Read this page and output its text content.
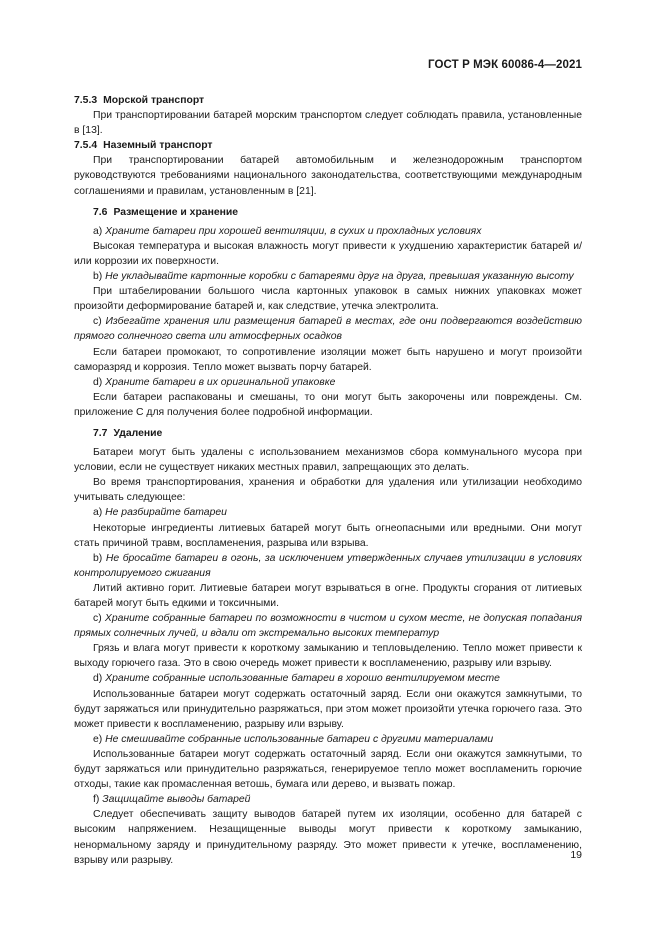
ГОСТ Р МЭК 60086-4—2021

7.5.3 Морской транспорт

При транспортировании батарей морским транспортом следует соблюдать правила, установленные в [13].

7.5.4 Наземный транспорт

При транспортировании батарей автомобильным и железнодорожным транспортом руководствуются требованиями национального законодательства, соответствующими международным соглашениями и правилам, установленным в [21].

7.6 Размещение и хранение

a) Храните батареи при хорошей вентиляции, в сухих и прохладных условиях

Высокая температура и высокая влажность могут привести к ухудшению характеристик батарей и/или коррозии их поверхности.

b) Не укладывайте картонные коробки с батареями друг на друга, превышая указанную высоту

При штабелировании большого числа картонных упаковок в самых нижних упаковках может произойти деформирование батарей и, как следствие, утечка электролита.

c) Избегайте хранения или размещения батарей в местах, где они подвергаются воздействию прямого солнечного света или атмосферных осадков

Если батареи промокают, то сопротивление изоляции может быть нарушено и могут произойти саморазряд и коррозия. Тепло может вызвать порчу батарей.

d) Храните батареи в их оригинальной упаковке

Если батареи распакованы и смешаны, то они могут быть закорочены или повреждены. См. приложение С для получения более подробной информации.

7.7 Удаление

Батареи могут быть удалены с использованием механизмов сбора коммунального мусора при условии, если не существует никаких местных правил, запрещающих это делать.

Во время транспортирования, хранения и обработки для удаления или утилизации необходимо учитывать следующее:

a) Не разбирайте батареи

Некоторые ингредиенты литиевых батарей могут быть огнеопасными или вредными. Они могут стать причиной травм, воспламенения, разрыва или взрыва.

b) Не бросайте батареи в огонь, за исключением утвержденных случаев утилизации в условиях контролируемого сжигания

Литий активно горит. Литиевые батареи могут взрываться в огне. Продукты сгорания от литиевых батарей могут быть едкими и токсичными.

c) Храните собранные батареи по возможности в чистом и сухом месте, не допуская попадания прямых солнечных лучей, и вдали от экстремально высоких температур

Грязь и влага могут привести к короткому замыканию и тепловыделению. Тепло может привести к выходу горючего газа. Это в свою очередь может привести к воспламенению, разрыву или взрыву.

d) Храните собранные использованные батареи в хорошо вентилируемом месте

Использованные батареи могут содержать остаточный заряд. Если они окажутся замкнутыми, то будут заряжаться или принудительно разряжаться, при этом может произойти утечка горючего газа. Это может привести к воспламенению, разрыву или взрыву.

e) Не смешивайте собранные использованные батареи с другими материалами

Использованные батареи могут содержать остаточный заряд. Если они окажутся замкнутыми, то будут заряжаться или принудительно разряжаться, генерируемое тепло может воспламенить горючие отходы, такие как промасленная ветошь, бумага или дерево, и вызвать пожар.

f) Защищайте выводы батарей

Следует обеспечивать защиту выводов батарей путем их изоляции, особенно для батарей с высоким напряжением. Незащищенные выводы могут привести к короткому замыканию, ненормальному заряду и принудительному разряду. Это может привести к утечке, воспламенению, взрыву или разрыву.	19
